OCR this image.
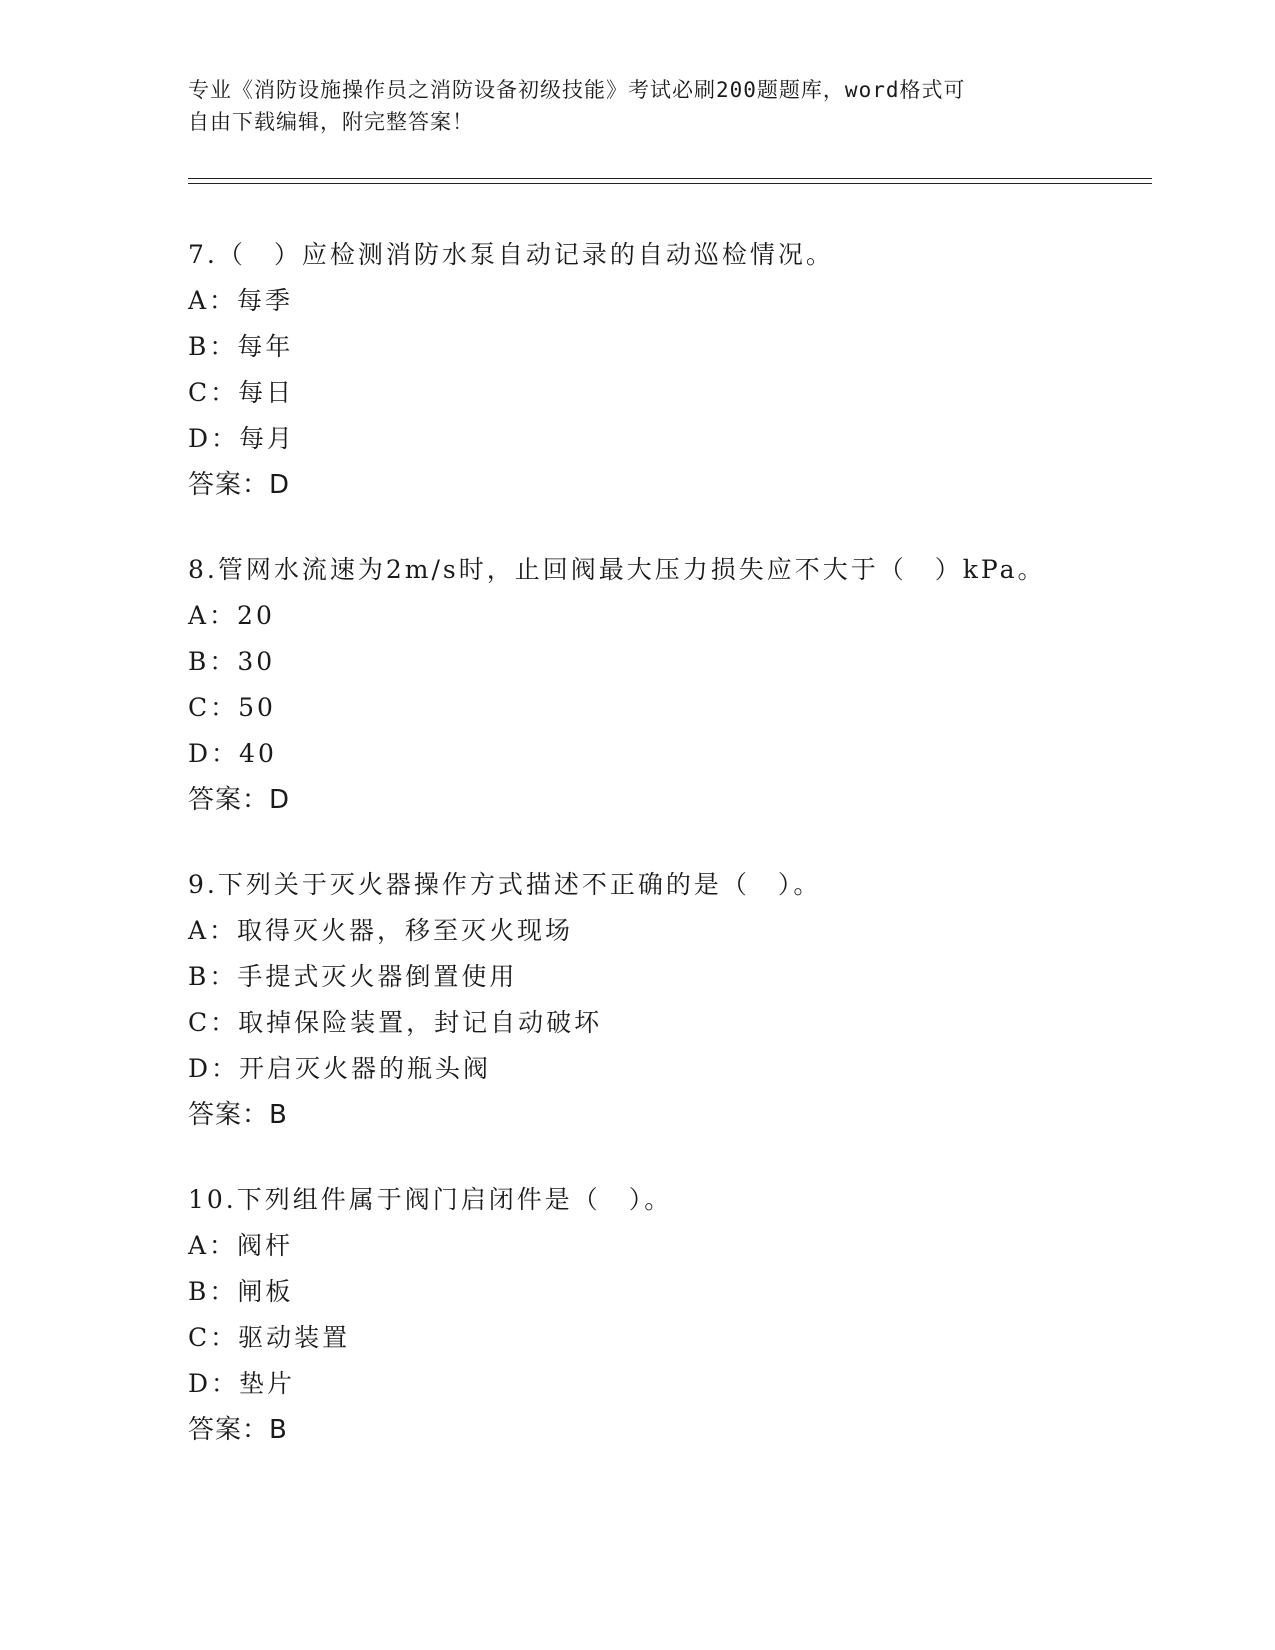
专业《消防设施操作员之消防设备初级技能》考试必刷200题题库，word格式可
自由下载编辑，附完整答案！
7.（　）应检测消防水泵自动记录的自动巡检情况。
A：每季
B：每年
C：每日
D：每月
答案：D
8.管网水流速为2m/s时，止回阀最大压力损失应不大于（　）kPa。
A：20
B：30
C：50
D：40
答案：D
9.下列关于灭火器操作方式描述不正确的是（　）。
A：取得灭火器，移至灭火现场
B：手提式灭火器倒置使用
C：取掉保险装置，封记自动破坏
D：开启灭火器的瓶头阀
答案：B
10.下列组件属于阀门启闭件是（　）。
A：阀杆
B：闸板
C：驱动装置
D：垫片
答案：B
